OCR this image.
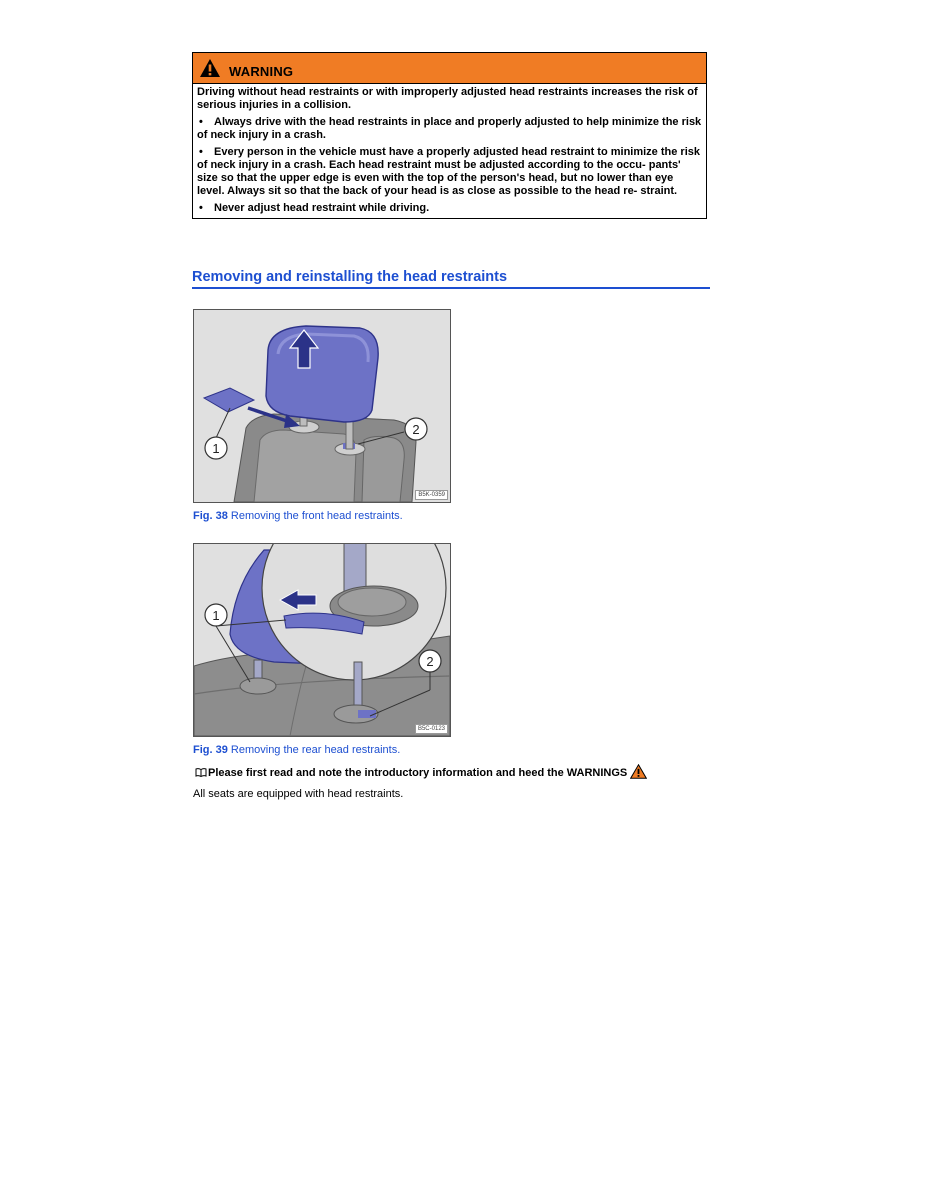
WARNING

Driving without head restraints or with improperly adjusted head restraints increases the risk of serious injuries in a collision.

• Always drive with the head restraints in place and properly adjusted to help minimize the risk of neck injury in a crash.

• Every person in the vehicle must have a properly adjusted head restraint to minimize the risk of neck injury in a crash. Each head restraint must be adjusted according to the occu- pants' size so that the upper edge is even with the top of the person's head, but no lower than eye level. Always sit so that the back of your head is as close as possible to the head re- straint.

• Never adjust head restraint while driving.

Removing and reinstalling the head restraints
1
2
B5K-0359
Fig. 38 Removing the front head restraints.
1
2
B5C-0123
Fig. 39 Removing the rear head restraints.
Please first read and note the introductory information and heed the WARNINGS
All seats are equipped with head restraints.
